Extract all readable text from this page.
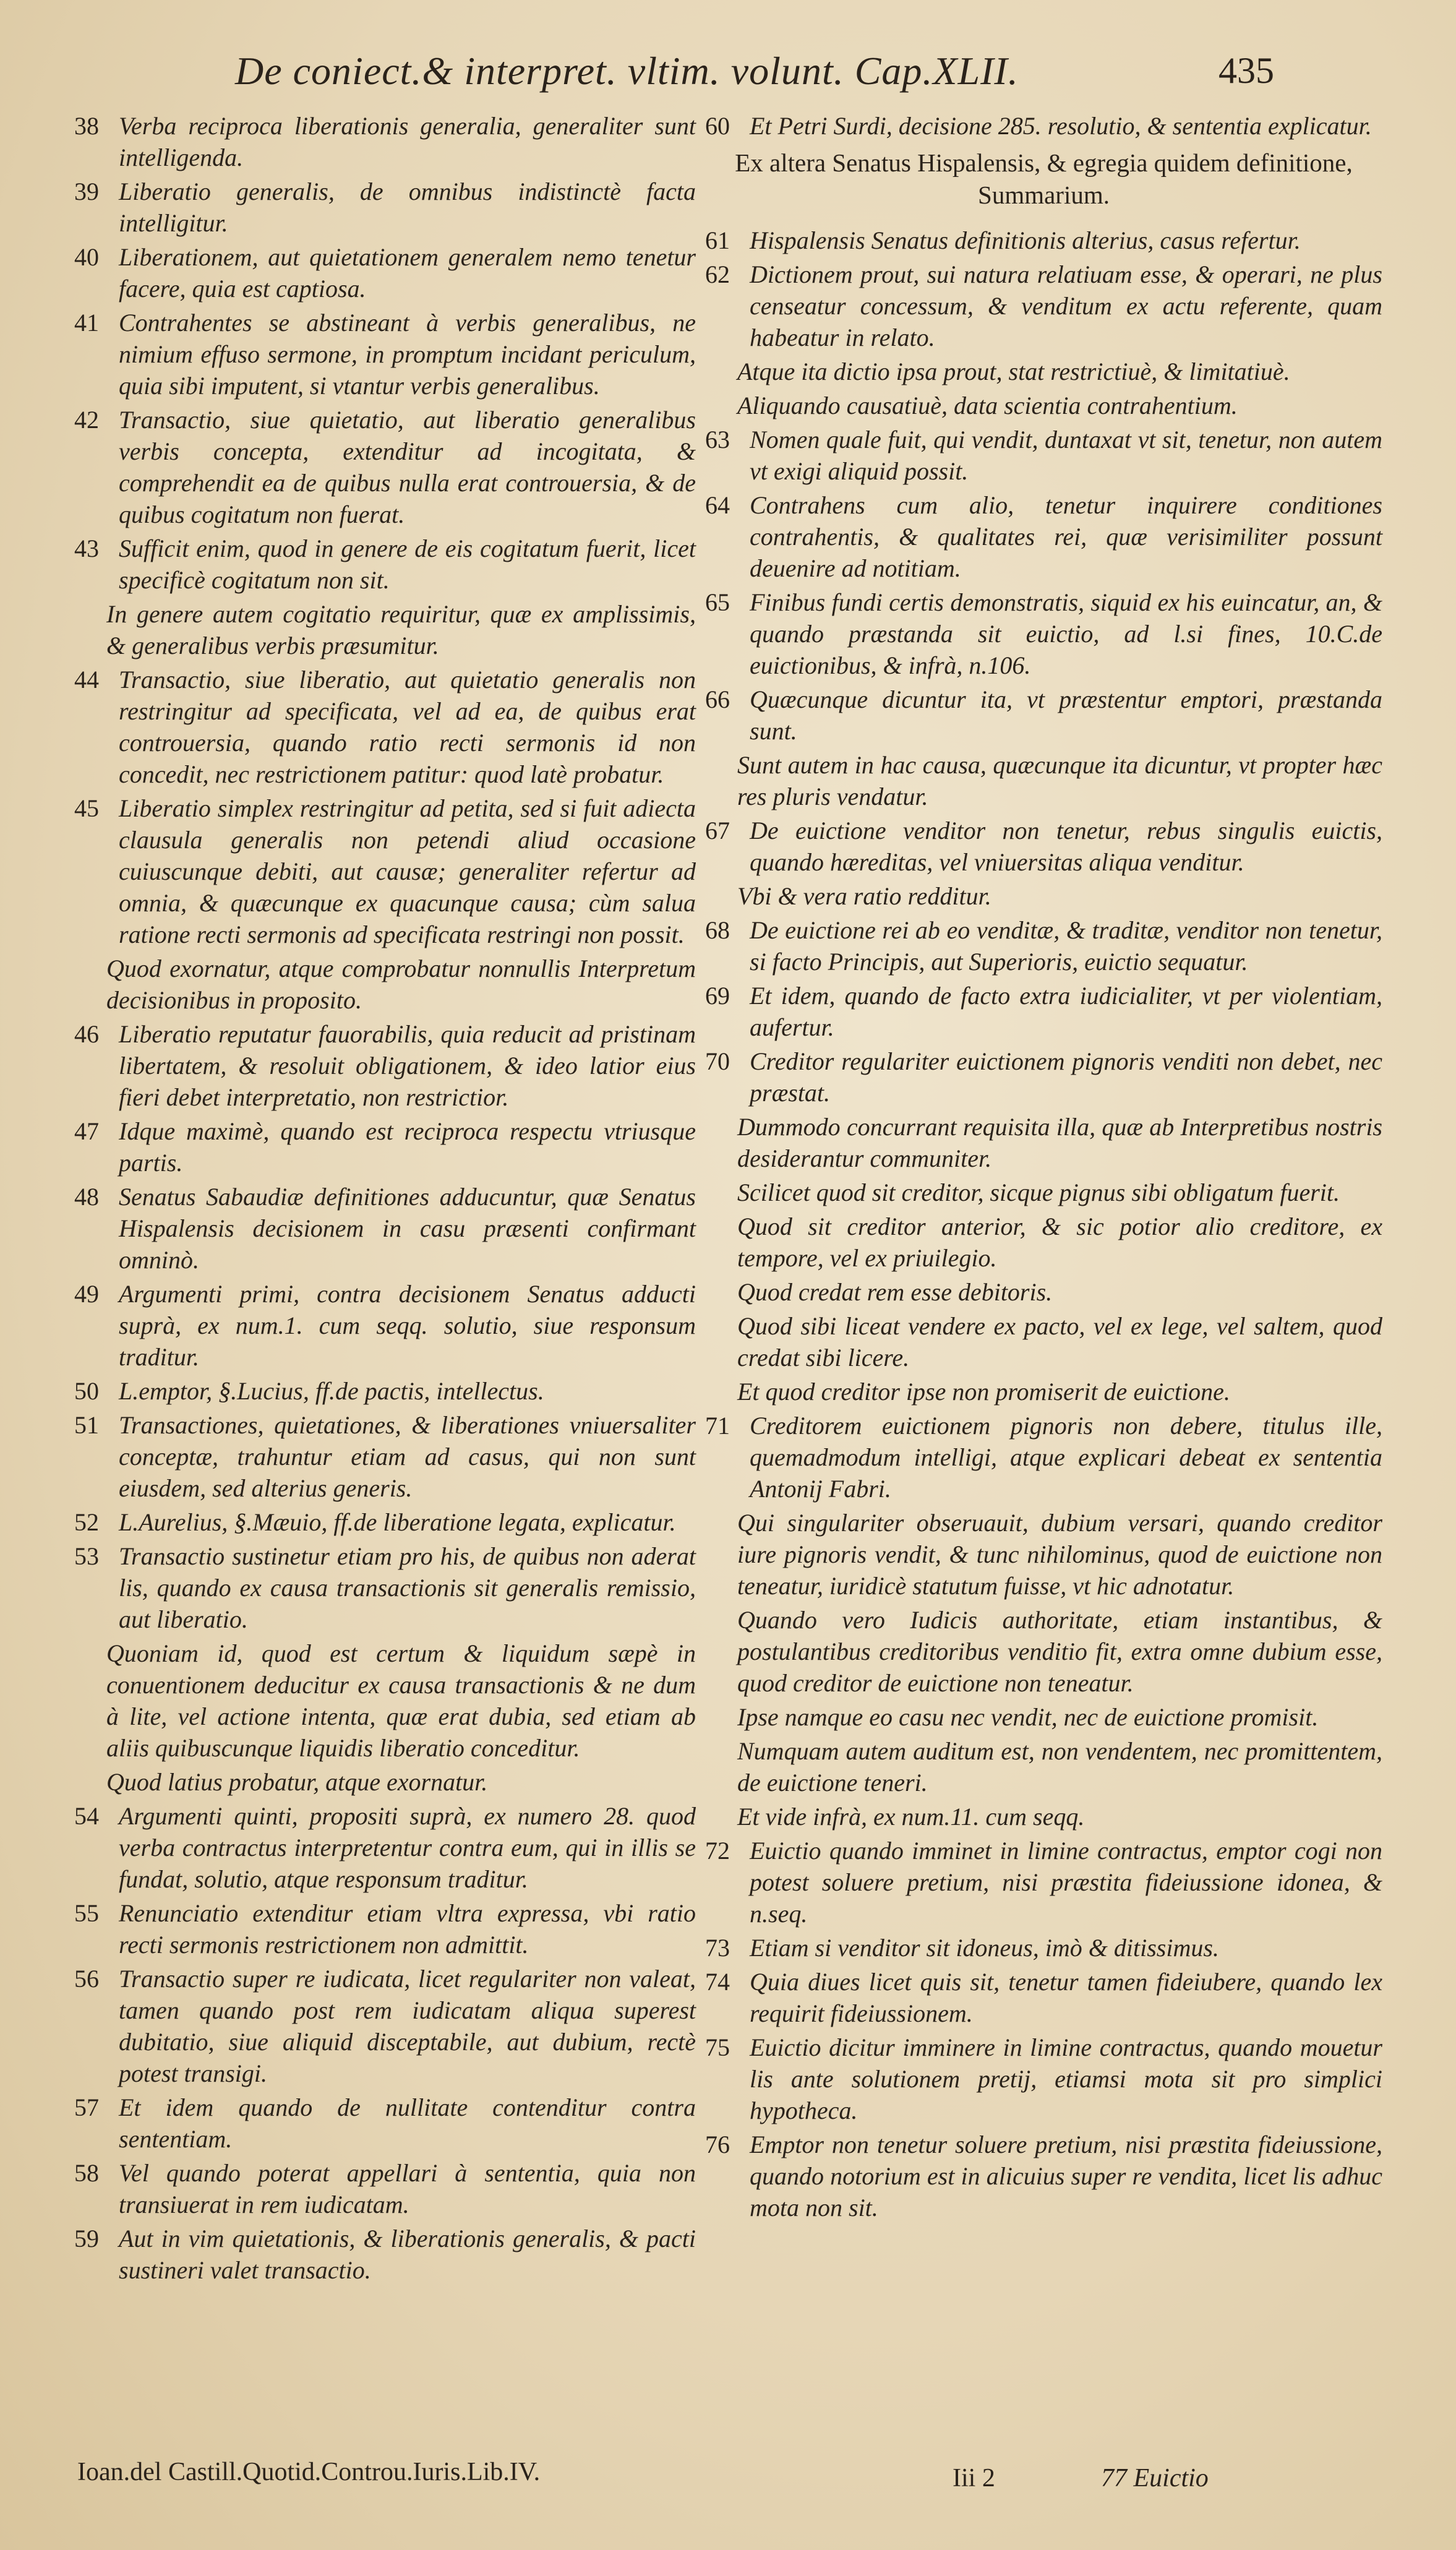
De coniect.& interpret. vltim. volunt. Cap.XLII.	435
38 Verba reciproca liberationis generalia, generaliter sunt intelligenda.
39 Liberatio generalis, de omnibus indistinctè facta intelligitur.
40 Liberationem, aut quietationem generalem nemo tenetur facere, quia est captiosa.
41 Contrahentes se abstineant à verbis generalibus, ne nimium effuso sermone, in promptum incidant periculum, quia sibi imputent, si vtantur verbis generalibus.
42 Transactio, siue quietatio, aut liberatio generalibus verbis concepta, extenditur ad incogitata, & comprehendit ea de quibus nulla erat controuersia, & de quibus cogitatum non fuerat.
43 Sufficit enim, quod in genere de eis cogitatum fuerit, licet specificè cogitatum non sit.
In genere autem cogitatio requiritur, quæ ex amplissimis, & generalibus verbis præsumitur.
44 Transactio, siue liberatio, aut quietatio generalis non restringitur ad specificata, vel ad ea, de quibus erat controuersia, quando ratio recti sermonis id non concedit, nec restrictionem patitur: quod latè probatur.
45 Liberatio simplex restringitur ad petita, sed si fuit adiecta clausula generalis non petendi aliud occasione cuiuscunque debiti, aut causæ; generaliter refertur ad omnia, & quæcunque ex quacunque causa; cùm salua ratione recti sermonis ad specificata restringi non possit.
Quod exornatur, atque comprobatur nonnullis Interpretum decisionibus in proposito.
46 Liberatio reputatur fauorabilis, quia reducit ad pristinam libertatem, & resoluit obligationem, & ideo latior eius fieri debet interpretatio, non restrictior.
47 Idque maximè, quando est reciproca respectu vtriusque partis.
48 Senatus Sabaudiæ definitiones adducuntur, quæ Senatus Hispalensis decisionem in casu præsenti confirmant omninò.
49 Argumenti primi, contra decisionem Senatus adducti suprà, ex num.1. cum seqq. solutio, siue responsum traditur.
50 L.emptor, §.Lucius, ff.de pactis, intellectus.
51 Transactiones, quietationes, & liberationes vniuersaliter conceptæ, trahuntur etiam ad casus, qui non sunt eiusdem, sed alterius generis.
52 L.Aurelius, §.Mæuio, ff.de liberatione legata, explicatur.
53 Transactio sustinetur etiam pro his, de quibus non aderat lis, quando ex causa transactionis sit generalis remissio, aut liberatio.
Quoniam id, quod est certum & liquidum sæpè in conuentionem deducitur ex causa transactionis & ne dum à lite, vel actione intenta, quæ erat dubia, sed etiam ab aliis quibuscunque liquidis liberatio conceditur.
Quod latius probatur, atque exornatur.
54 Argumenti quinti, propositi suprà, ex numero 28. quod verba contractus interpretentur contra eum, qui in illis se fundat, solutio, atque responsum traditur.
55 Renunciatio extenditur etiam vltra expressa, vbi ratio recti sermonis restrictionem non admittit.
56 Transactio super re iudicata, licet regulariter non valeat, tamen quando post rem iudicatam aliqua superest dubitatio, siue aliquid disceptabile, aut dubium, rectè potest transigi.
57 Et idem quando de nullitate contenditur contra sententiam.
58 Vel quando poterat appellari à sententia, quia non transiuerat in rem iudicatam.
59 Aut in vim quietationis, & liberationis generalis, & pacti sustineri valet transactio.
60 Et Petri Surdi, decisione 285. resolutio, & sententia explicatur.
Ex altera Senatus Hispalensis, & egregia quidem definitione, Summarium.
61 Hispalensis Senatus definitionis alterius, casus refertur.
62 Dictionem prout, sui natura relatiuam esse, & operari, ne plus censeatur concessum, & venditum ex actu referente, quam habeatur in relato.
Atque ita dictio ipsa prout, stat restrictiuè, & limitatiuè.
Aliquando causatiuè, data scientia contrahentium.
63 Nomen quale fuit, qui vendit, duntaxat vt sit, tenetur, non autem vt exigi aliquid possit.
64 Contrahens cum alio, tenetur inquirere conditiones contrahentis, & qualitates rei, quæ verisimiliter possunt deuenire ad notitiam.
65 Finibus fundi certis demonstratis, siquid ex his euincatur, an, & quando præstanda sit euictio, ad l.si fines, 10.C.de euictionibus, & infrà, n.106.
66 Quæcunque dicuntur ita, vt præstentur emptori, præstanda sunt.
Sunt autem in hac causa, quæcunque ita dicuntur, vt propter hæc res pluris vendatur.
67 De euictione venditor non tenetur, rebus singulis euictis, quando hæreditas, vel vniuersitas aliqua venditur.
Vbi & vera ratio redditur.
68 De euictione rei ab eo venditæ, & traditæ, venditor non tenetur, si facto Principis, aut Superioris, euictio sequatur.
69 Et idem, quando de facto extra iudicialiter, vt per violentiam, aufertur.
70 Creditor regulariter euictionem pignoris venditi non debet, nec præstat.
Dummodo concurrant requisita illa, quæ ab Interpretibus nostris desiderantur communiter.
Scilicet quod sit creditor, sicque pignus sibi obligatum fuerit.
Quod sit creditor anterior, & sic potior alio creditore, ex tempore, vel ex priuilegio.
Quod credat rem esse debitoris.
Quod sibi liceat vendere ex pacto, vel ex lege, vel saltem, quod credat sibi licere.
Et quod creditor ipse non promiserit de euictione.
71 Creditorem euictionem pignoris non debere, titulus ille, quemadmodum intelligi, atque explicari debeat ex sententia Antonij Fabri.
Qui singulariter obseruauit, dubium versari, quando creditor iure pignoris vendit, & tunc nihilominus, quod de euictione non teneatur, iuridicè statutum fuisse, vt hic adnotatur.
Quando vero Iudicis authoritate, etiam instantibus, & postulantibus creditoribus venditio fit, extra omne dubium esse, quod creditor de euictione non teneatur.
Ipse namque eo casu nec vendit, nec de euictione promisit.
Numquam autem auditum est, non vendentem, nec promittentem, de euictione teneri.
Et vide infrà, ex num.11. cum seqq.
72 Euictio quando imminet in limine contractus, emptor cogi non potest soluere pretium, nisi præstita fideiussione idonea, & n.seq.
73 Etiam si venditor sit idoneus, imò & ditissimus.
74 Quia diues licet quis sit, tenetur tamen fideiubere, quando lex requirit fideiussionem.
75 Euictio dicitur imminere in limine contractus, quando mouetur lis ante solutionem pretij, etiamsi mota sit pro simplici hypotheca.
76 Emptor non tenetur soluere pretium, nisi præstita fideiussione, quando notorium est in alicuius super re vendita, licet lis adhuc mota non sit.
Ioan.del Castill.Quotid.Controu.Iuris.Lib.IV.	Iii 2	77 Euictio
